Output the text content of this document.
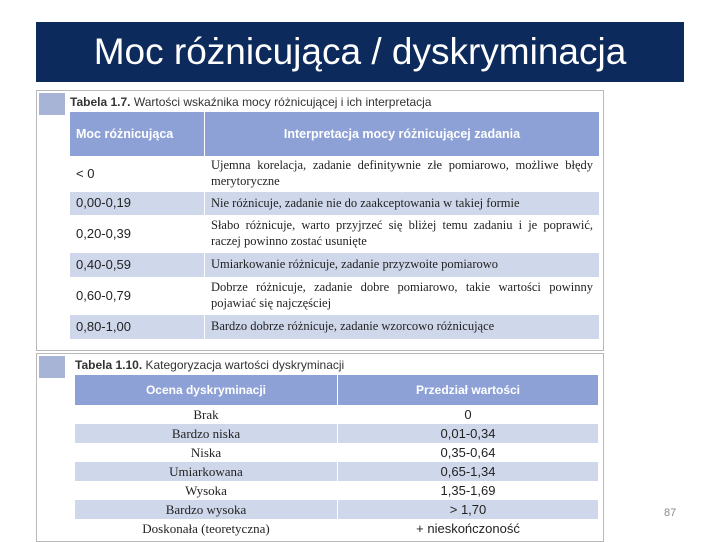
Moc różnicująca / dyskryminacja
Tabela 1.7. Wartości wskaźnika mocy różnicującej i ich interpretacja
Moc różnicująca	Interpretacja mocy różnicującej zadania
< 0	Ujemna korelacja, zadanie definitywnie złe pomiarowo, możliwe błędy merytoryczne
0,00-0,19	Nie różnicuje, zadanie nie do zaakceptowania w takiej formie
0,20-0,39	Słabo różnicuje, warto przyjrzeć się bliżej temu zadaniu i je poprawić, raczej powinno zostać usunięte
0,40-0,59	Umiarkowanie różnicuje, zadanie przyzwoite pomiarowo
0,60-0,79	Dobrze różnicuje, zadanie dobre pomiarowo, takie wartości powinny pojawiać się najczęściej
0,80-1,00	Bardzo dobrze różnicuje, zadanie wzorcowo różnicujące
Tabela 1.10. Kategoryzacja wartości dyskryminacji
Ocena dyskryminacji	Przedział wartości
Brak	0
Bardzo niska	0,01-0,34
Niska	0,35-0,64
Umiarkowana	0,65-1,34
Wysoka	1,35-1,69
Bardzo wysoka	> 1,70
Doskonała (teoretyczna)	+ nieskończoność
87
